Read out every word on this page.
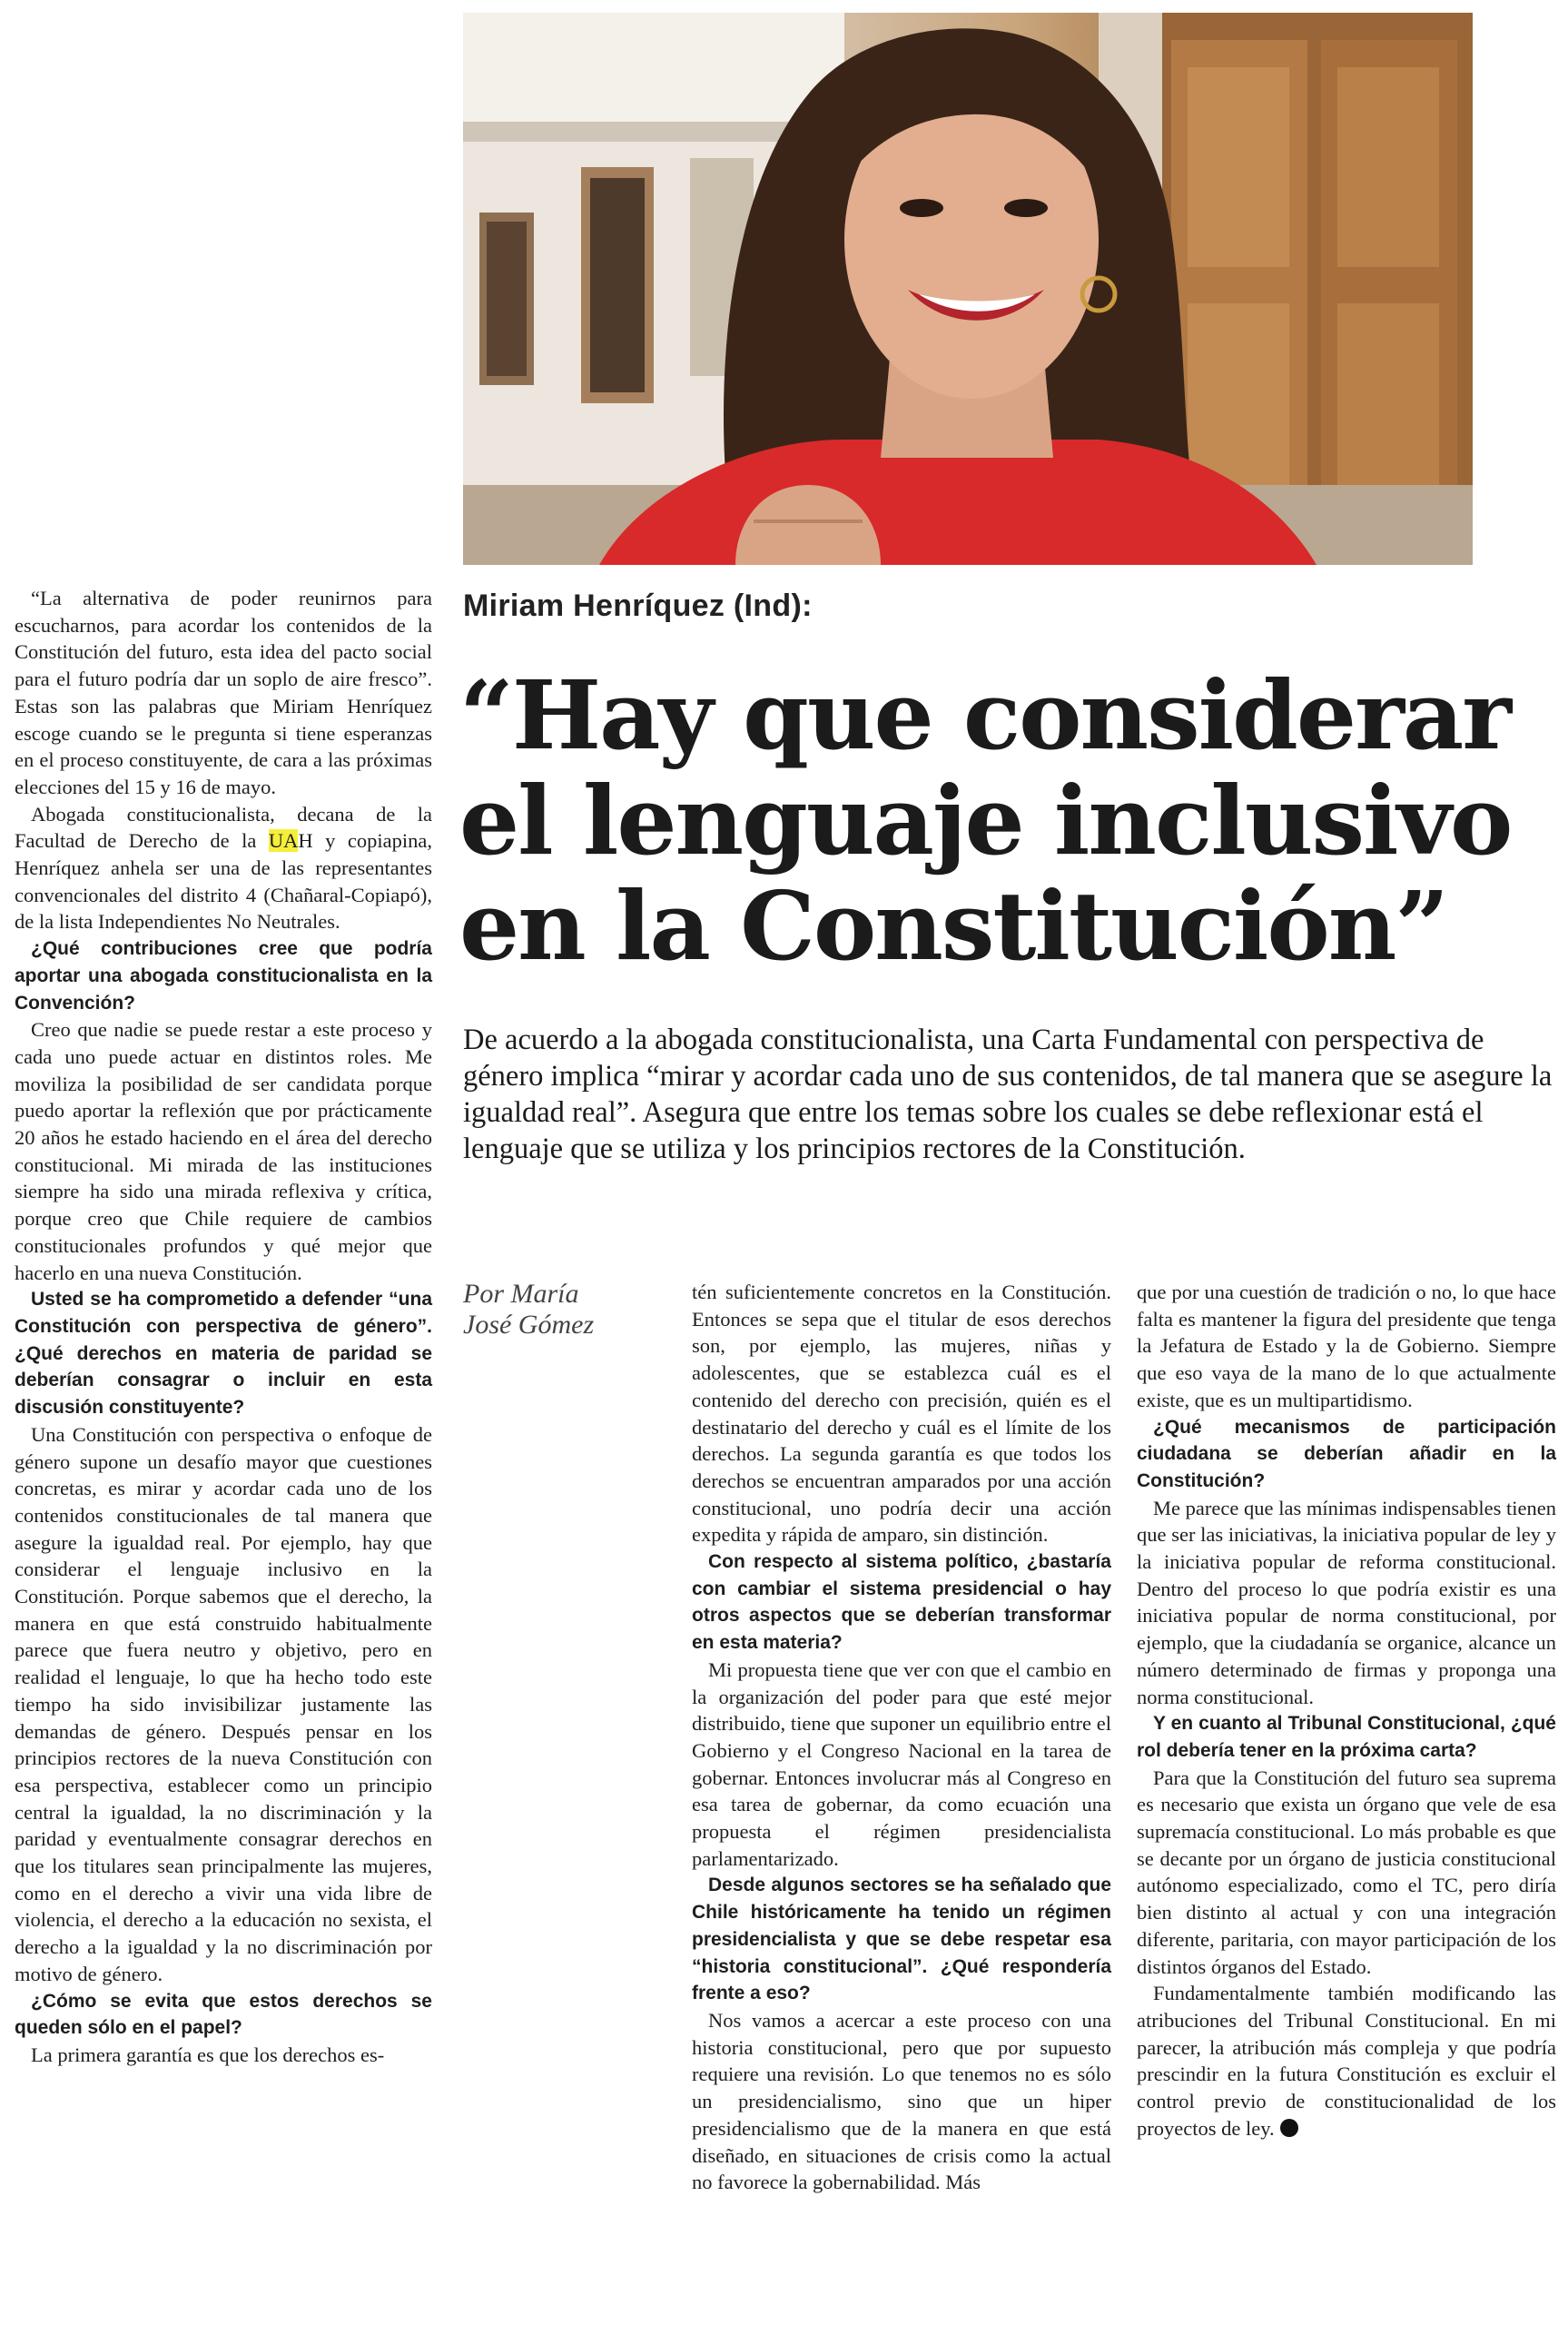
Miriam Henríquez (Ind):
“Hay que considerar el lenguaje inclusivo en la Constitución”

De acuerdo a la abogada constitucionalista, una Carta Fundamental con perspectiva de género implica “mirar y acordar cada uno de sus contenidos, de tal manera que se asegure la igualdad real”. Asegura que entre los temas sobre los cuales se debe reflexionar está el lenguaje que se utiliza y los principios rectores de la Constitución.

Por María José Gómez

“La alternativa de poder reunirnos para escucharnos, para acordar los contenidos de la Constitución del futuro, esta idea del pacto social para el futuro podría dar un soplo de aire fresco”. Estas son las palabras que Miriam Henríquez escoge cuando se le pregunta si tiene esperanzas en el proceso constituyente, de cara a las próximas elecciones del 15 y 16 de mayo.

Abogada constitucionalista, decana de la Facultad de Derecho de la UAH y copiapina, Henríquez anhela ser una de las representantes convencionales del distrito 4 (Chañaral-Copiapó), de la lista Independientes No Neutrales.

¿Qué contribuciones cree que podría aportar una abogada constitucionalista en la Convención?

Creo que nadie se puede restar a este proceso y cada uno puede actuar en distintos roles. Me moviliza la posibilidad de ser candidata porque puedo aportar la reflexión que por prácticamente 20 años he estado haciendo en el área del derecho constitucional. Mi mirada de las instituciones siempre ha sido una mirada reflexiva y crítica, porque creo que Chile requiere de cambios constitucionales profundos y qué mejor que hacerlo en una nueva Constitución.

Usted se ha comprometido a defender “una Constitución con perspectiva de género”. ¿Qué derechos en materia de paridad se deberían consagrar o incluir en esta discusión constituyente?

Una Constitución con perspectiva o enfoque de género supone un desafío mayor que cuestiones concretas, es mirar y acordar cada uno de los contenidos constitucionales de tal manera que asegure la igualdad real. Por ejemplo, hay que considerar el lenguaje inclusivo en la Constitución. Porque sabemos que el derecho, la manera en que está construido habitualmente parece que fuera neutro y objetivo, pero en realidad el lenguaje, lo que ha hecho todo este tiempo ha sido invisibilizar justamente las demandas de género. Después pensar en los principios rectores de la nueva Constitución con esa perspectiva, establecer como un principio central la igualdad, la no discriminación y la paridad y eventualmente consagrar derechos en que los titulares sean principalmente las mujeres, como en el derecho a vivir una vida libre de violencia, el derecho a la educación no sexista, el derecho a la igualdad y la no discriminación por motivo de género.

¿Cómo se evita que estos derechos se queden sólo en el papel?

La primera garantía es que los derechos es-

tén suficientemente concretos en la Constitución. Entonces se sepa que el titular de esos derechos son, por ejemplo, las mujeres, niñas y adolescentes, que se establezca cuál es el contenido del derecho con precisión, quién es el destinatario del derecho y cuál es el límite de los derechos. La segunda garantía es que todos los derechos se encuentran amparados por una acción constitucional, uno podría decir una acción expedita y rápida de amparo, sin distinción.

Con respecto al sistema político, ¿bastaría con cambiar el sistema presidencial o hay otros aspectos que se deberían transformar en esta materia?

Mi propuesta tiene que ver con que el cambio en la organización del poder para que esté mejor distribuido, tiene que suponer un equilibrio entre el Gobierno y el Congreso Nacional en la tarea de gobernar. Entonces involucrar más al Congreso en esa tarea de gobernar, da como ecuación una propuesta el régimen presidencialista parlamentarizado.

Desde algunos sectores se ha señalado que Chile históricamente ha tenido un régimen presidencialista y que se debe respetar esa “historia constitucional”. ¿Qué respondería frente a eso?

Nos vamos a acercar a este proceso con una historia constitucional, pero que por supuesto requiere una revisión. Lo que tenemos no es sólo un presidencialismo, sino que un hiper presidencialismo que de la manera en que está diseñado, en situaciones de crisis como la actual no favorece la gobernabilidad. Más

que por una cuestión de tradición o no, lo que hace falta es mantener la figura del presidente que tenga la Jefatura de Estado y la de Gobierno. Siempre que eso vaya de la mano de lo que actualmente existe, que es un multipartidismo.

¿Qué mecanismos de participación ciudadana se deberían añadir en la Constitución?

Me parece que las mínimas indispensables tienen que ser las iniciativas, la iniciativa popular de ley y la iniciativa popular de reforma constitucional. Dentro del proceso lo que podría existir es una iniciativa popular de norma constitucional, por ejemplo, que la ciudadanía se organice, alcance un número determinado de firmas y proponga una norma constitucional.

Y en cuanto al Tribunal Constitucional, ¿qué rol debería tener en la próxima carta?

Para que la Constitución del futuro sea suprema es necesario que exista un órgano que vele de esa supremacía constitucional. Lo más probable es que se decante por un órgano de justicia constitucional autónomo especializado, como el TC, pero diría bien distinto al actual y con una integración diferente, paritaria, con mayor participación de los distintos órganos del Estado.

Fundamentalmente también modificando las atribuciones del Tribunal Constitucional. En mi parecer, la atribución más compleja y que podría prescindir en la futura Constitución es excluir el control previo de constitucionalidad de los proyectos de ley.
